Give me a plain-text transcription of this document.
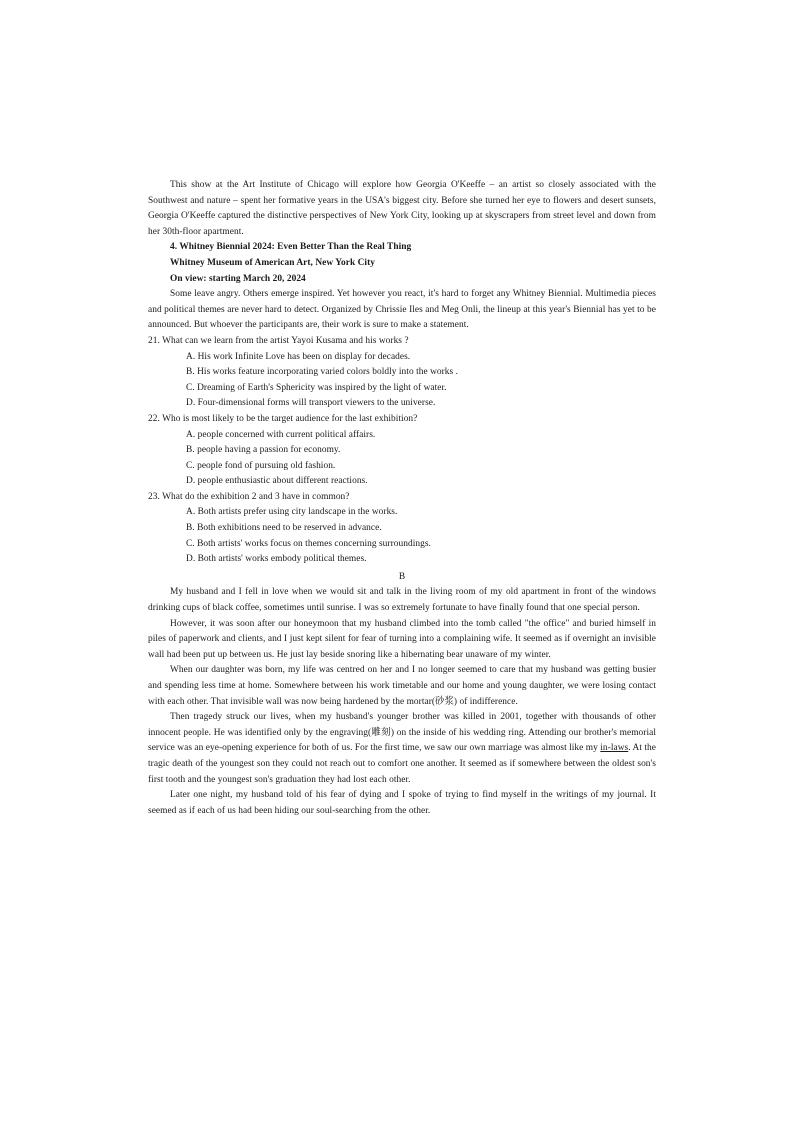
This show at the Art Institute of Chicago will explore how Georgia O'Keeffe – an artist so closely associated with the Southwest and nature – spent her formative years in the USA's biggest city. Before she turned her eye to flowers and desert sunsets, Georgia O'Keeffe captured the distinctive perspectives of New York City, looking up at skyscrapers from street level and down from her 30th-floor apartment.

4. Whitney Biennial 2024: Even Better Than the Real Thing

Whitney Museum of American Art, New York City

On view: starting March 20, 2024

Some leave angry. Others emerge inspired. Yet however you react, it's hard to forget any Whitney Biennial. Multimedia pieces and political themes are never hard to detect. Organized by Chrissie Iles and Meg Onli, the lineup at this year's Biennial has yet to be announced. But whoever the participants are, their work is sure to make a statement.

21. What can we learn from the artist Yayoi Kusama and his works ?

A. His work Infinite Love has been on display for decades.

B. His works feature incorporating varied colors boldly into the works .

C. Dreaming of Earth's Sphericity was inspired by the light of water.

D. Four-dimensional forms will transport viewers to the universe.

22. Who is most likely to be the target audience for the last exhibition?

A. people concerned with current political affairs.

B. people having a passion for economy.

C. people fond of pursuing old fashion.

D. people enthusiastic about different reactions.

23. What do the exhibition 2 and 3 have in common?

A. Both artists prefer using city landscape in the works.

B. Both exhibitions need to be reserved in advance.

C. Both artists' works focus on themes concerning surroundings.

D. Both artists' works embody political themes.

B

My husband and I fell in love when we would sit and talk in the living room of my old apartment in front of the windows drinking cups of black coffee, sometimes until sunrise. I was so extremely fortunate to have finally found that one special person.

However, it was soon after our honeymoon that my husband climbed into the tomb called "the office" and buried himself in piles of paperwork and clients, and I just kept silent for fear of turning into a complaining wife. It seemed as if overnight an invisible wall had been put up between us. He just lay beside snoring like a hibernating bear unaware of my winter.

When our daughter was born, my life was centred on her and I no longer seemed to care that my husband was getting busier and spending less time at home. Somewhere between his work timetable and our home and young daughter, we were losing contact with each other. That invisible wall was now being hardened by the mortar(砂浆) of indifference.

Then tragedy struck our lives, when my husband's younger brother was killed in 2001, together with thousands of other innocent people. He was identified only by the engraving(雕刻) on the inside of his wedding ring. Attending our brother's memorial service was an eye-opening experience for both of us. For the first time, we saw our own marriage was almost like my in-laws. At the tragic death of the youngest son they could not reach out to comfort one another. It seemed as if somewhere between the oldest son's first tooth and the youngest son's graduation they had lost each other.

Later one night, my husband told of his fear of dying and I spoke of trying to find myself in the writings of my journal. It seemed as if each of us had been hiding our soul-searching from the other.
